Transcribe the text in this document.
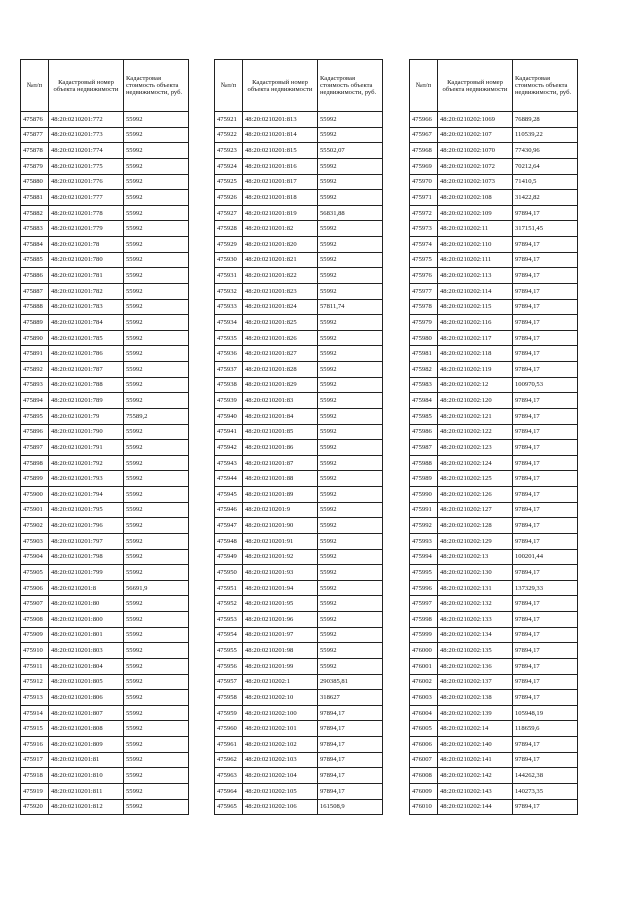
№п/п	Кадастровый номер объекта недвижимости	Кадастровая стоимость объекта недвижимости, руб.
475876	48:20:0210201:772	55992
475877	48:20:0210201:773	55992
475878	48:20:0210201:774	55992
475879	48:20:0210201:775	55992
475880	48:20:0210201:776	55992
475881	48:20:0210201:777	55992
475882	48:20:0210201:778	55992
475883	48:20:0210201:779	55992
475884	48:20:0210201:78	55992
475885	48:20:0210201:780	55992
475886	48:20:0210201:781	55992
475887	48:20:0210201:782	55992
475888	48:20:0210201:783	55992
475889	48:20:0210201:784	55992
475890	48:20:0210201:785	55992
475891	48:20:0210201:786	55992
475892	48:20:0210201:787	55992
475893	48:20:0210201:788	55992
475894	48:20:0210201:789	55992
475895	48:20:0210201:79	75589,2
475896	48:20:0210201:790	55992
475897	48:20:0210201:791	55992
475898	48:20:0210201:792	55992
475899	48:20:0210201:793	55992
475900	48:20:0210201:794	55992
475901	48:20:0210201:795	55992
475902	48:20:0210201:796	55992
475903	48:20:0210201:797	55992
475904	48:20:0210201:798	55992
475905	48:20:0210201:799	55992
475906	48:20:0210201:8	56691,9
475907	48:20:0210201:80	55992
475908	48:20:0210201:800	55992
475909	48:20:0210201:801	55992
475910	48:20:0210201:803	55992
475911	48:20:0210201:804	55992
475912	48:20:0210201:805	55992
475913	48:20:0210201:806	55992
475914	48:20:0210201:807	55992
475915	48:20:0210201:808	55992
475916	48:20:0210201:809	55992
475917	48:20:0210201:81	55992
475918	48:20:0210201:810	55992
475919	48:20:0210201:811	55992
475920	48:20:0210201:812	55992
№п/п	Кадастровый номер объекта недвижимости	Кадастровая стоимость объекта недвижимости, руб.
475921	48:20:0210201:813	55992
475922	48:20:0210201:814	55992
475923	48:20:0210201:815	55502,07
475924	48:20:0210201:816	55992
475925	48:20:0210201:817	55992
475926	48:20:0210201:818	55992
475927	48:20:0210201:819	56831,88
475928	48:20:0210201:82	55992
475929	48:20:0210201:820	55992
475930	48:20:0210201:821	55992
475931	48:20:0210201:822	55992
475932	48:20:0210201:823	55992
475933	48:20:0210201:824	57811,74
475934	48:20:0210201:825	55992
475935	48:20:0210201:826	55992
475936	48:20:0210201:827	55992
475937	48:20:0210201:828	55992
475938	48:20:0210201:829	55992
475939	48:20:0210201:83	55992
475940	48:20:0210201:84	55992
475941	48:20:0210201:85	55992
475942	48:20:0210201:86	55992
475943	48:20:0210201:87	55992
475944	48:20:0210201:88	55992
475945	48:20:0210201:89	55992
475946	48:20:0210201:9	55992
475947	48:20:0210201:90	55992
475948	48:20:0210201:91	55992
475949	48:20:0210201:92	55992
475950	48:20:0210201:93	55992
475951	48:20:0210201:94	55992
475952	48:20:0210201:95	55992
475953	48:20:0210201:96	55992
475954	48:20:0210201:97	55992
475955	48:20:0210201:98	55992
475956	48:20:0210201:99	55992
475957	48:20:0210202:1	290385,81
475958	48:20:0210202:10	318627
475959	48:20:0210202:100	97894,17
475960	48:20:0210202:101	97894,17
475961	48:20:0210202:102	97894,17
475962	48:20:0210202:103	97894,17
475963	48:20:0210202:104	97894,17
475964	48:20:0210202:105	97894,17
475965	48:20:0210202:106	161508,9
№п/п	Кадастровый номер объекта недвижимости	Кадастровая стоимость объекта недвижимости, руб.
475966	48:20:0210202:1069	76889,28
475967	48:20:0210202:107	110539,22
475968	48:20:0210202:1070	77430,96
475969	48:20:0210202:1072	70212,64
475970	48:20:0210202:1073	71410,5
475971	48:20:0210202:108	31422,82
475972	48:20:0210202:109	97894,17
475973	48:20:0210202:11	317151,45
475974	48:20:0210202:110	97894,17
475975	48:20:0210202:111	97894,17
475976	48:20:0210202:113	97894,17
475977	48:20:0210202:114	97894,17
475978	48:20:0210202:115	97894,17
475979	48:20:0210202:116	97894,17
475980	48:20:0210202:117	97894,17
475981	48:20:0210202:118	97894,17
475982	48:20:0210202:119	97894,17
475983	48:20:0210202:12	100970,53
475984	48:20:0210202:120	97894,17
475985	48:20:0210202:121	97894,17
475986	48:20:0210202:122	97894,17
475987	48:20:0210202:123	97894,17
475988	48:20:0210202:124	97894,17
475989	48:20:0210202:125	97894,17
475990	48:20:0210202:126	97894,17
475991	48:20:0210202:127	97894,17
475992	48:20:0210202:128	97894,17
475993	48:20:0210202:129	97894,17
475994	48:20:0210202:13	100201,44
475995	48:20:0210202:130	97894,17
475996	48:20:0210202:131	137329,33
475997	48:20:0210202:132	97894,17
475998	48:20:0210202:133	97894,17
475999	48:20:0210202:134	97894,17
476000	48:20:0210202:135	97894,17
476001	48:20:0210202:136	97894,17
476002	48:20:0210202:137	97894,17
476003	48:20:0210202:138	97894,17
476004	48:20:0210202:139	105948,19
476005	48:20:0210202:14	118659,6
476006	48:20:0210202:140	97894,17
476007	48:20:0210202:141	97894,17
476008	48:20:0210202:142	144262,38
476009	48:20:0210202:143	140273,35
476010	48:20:0210202:144	97894,17
